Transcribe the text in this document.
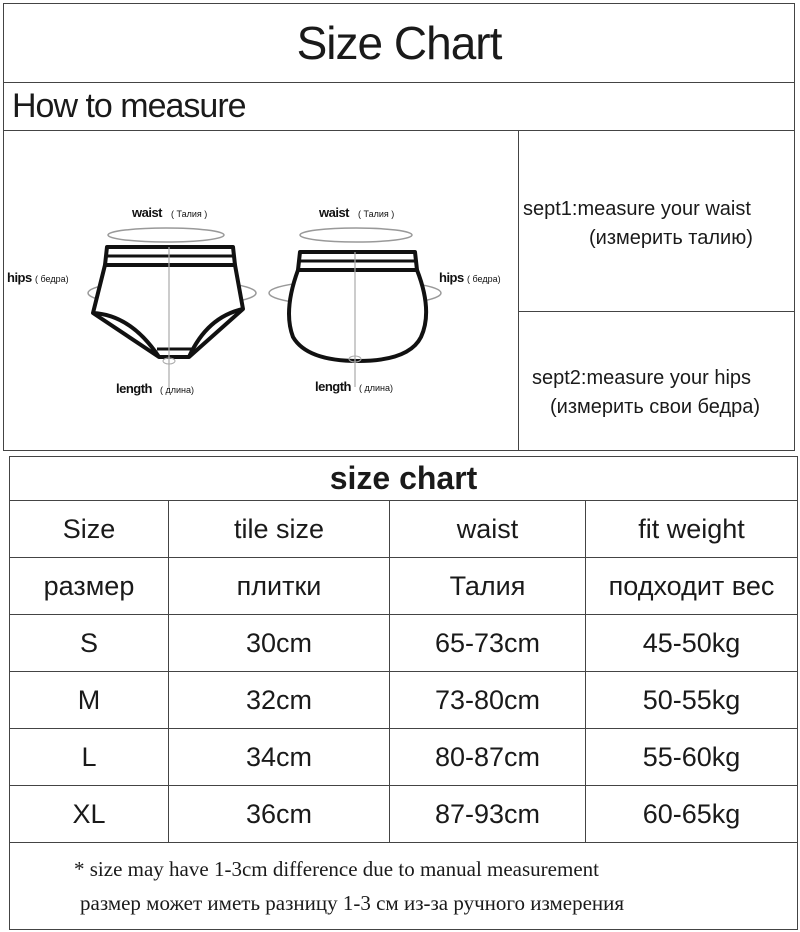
Size Chart
How to measure
waist ( Талия )
hips ( бедра)
length ( длина)
waist ( Талия )
hips ( бедра)
length ( длина)
sept1:measure your waist
(измерить талию)
sept2:measure your hips
(измерить свои бедра)
size chart			
Size	tile size	waist	fit weight
размер	плитки	Талия	подходит вес
S	30cm	65-73cm	45-50kg
M	32cm	73-80cm	50-55kg
L	34cm	80-87cm	55-60kg
XL	36cm	87-93cm	60-65kg
* size may have 1-3cm difference due to manual measurement

размер может иметь разницу 1-3 см из-за ручного измерения			
